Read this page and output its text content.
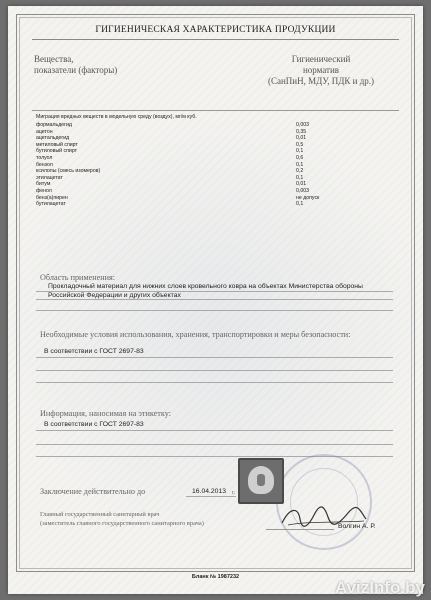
ГИГИЕНИЧЕСКАЯ ХАРАКТЕРИСТИКА ПРОДУКЦИИ
Вещества,
показатели (факторы)
Гигиенический
норматив
(СанПиН, МДУ, ПДК и др.)
Миграция вредных веществ в модельную среду (воздух), мг/м куб.
формальдегид	0,003
ацетон	0,35
ацетальдегид	0,01
метиловый спирт	0,5
бутиловый спирт	0,1
толуол	0,6
бензол	0,1
ксилолы (смесь изомеров)	0,2
этилацетат	0,1
битум	0,01
фенол	0,003
бенз(а)пирен	не допуск
бутилацетат	0,1
Область применения:
Прокладочный материал для нижних слоев кровельного ковра на объектах Министерства обороны Российской Федерации и других объектах
Необходимые условия использования, хранения, транспортировки и меры безопасности:
В соответствии с ГОСТ 2697-83
Информация, наносимая на этикетку:
В соответствии с ГОСТ 2697-83
Заключение действительно до	16.04.2013 г.
Главный государственный санитарный врач
(заместитель главного государственного санитарного врача)	Волгин А. Р.
Бланк № 1987232
AvizInfo.by
